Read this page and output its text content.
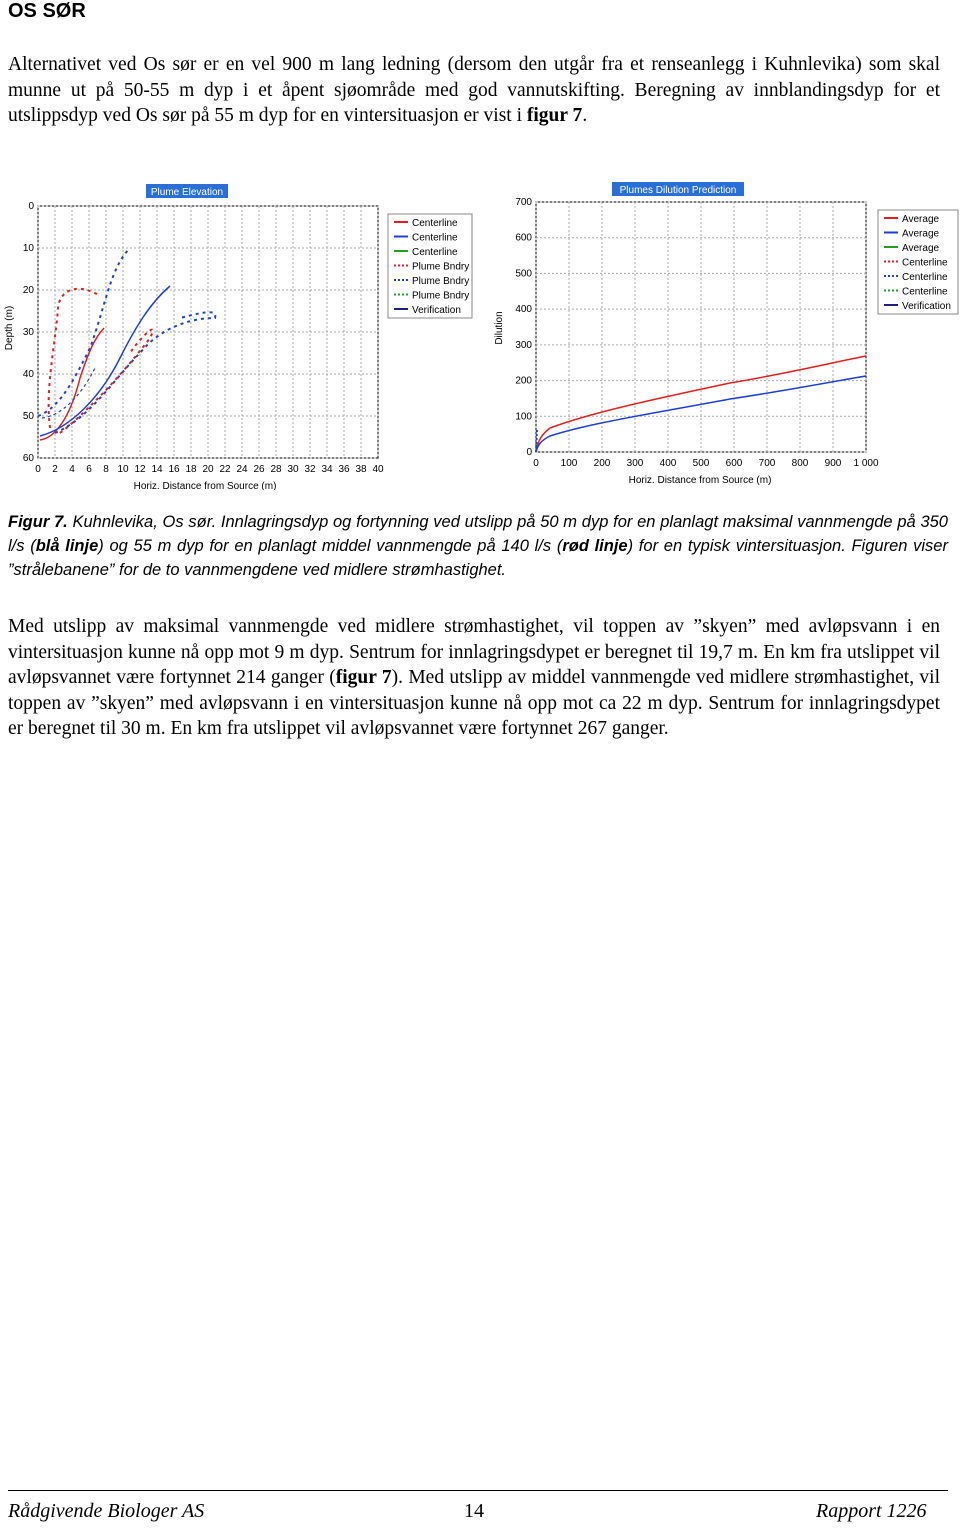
OS SØR
Alternativet ved Os sør er en vel 900 m lang ledning (dersom den utgår fra et renseanlegg i Kuhnlevika) som skal munne ut på 50-55 m dyp i et åpent sjøområde med god vannutskifting. Beregning av innblandingsdyp for et utslippsdyp ved Os sør på 55 m dyp for en vintersituasjon er vist i figur 7.
Plume Elevation
0
10
20
30
40
50
60
0 2 4 6 8 10 12 14 16 18 20 22 24 26 28 30 32 34 36 38 40
Depth (m)
Horiz. Distance from Source (m)
Centerline
Centerline
Centerline
Plume Bndry
Plume Bndry
Plume Bndry
Verification
Plumes Dilution Prediction
0
100
200
300
400
500
600
700
0 100 200 300 400 500 600 700 800 900 1 000
Dilution
Horiz. Distance from Source (m)
Average
Average
Average
Centerline
Centerline
Centerline
Verification
Figur 7. Kuhnlevika, Os sør. Innlagringsdyp og fortynning ved utslipp på 50 m dyp for en planlagt maksimal vannmengde på 350 l/s (blå linje) og 55 m dyp for en planlagt middel vannmengde på 140 l/s (rød linje) for en typisk vintersituasjon. Figuren viser ”strålebanene” for de to vannmengdene ved midlere strømhastighet.
Med utslipp av maksimal vannmengde ved midlere strømhastighet, vil toppen av ”skyen” med avløpsvann i en vintersituasjon kunne nå opp mot 9 m dyp. Sentrum for innlagringsdypet er beregnet til 19,7 m. En km fra utslippet vil avløpsvannet være fortynnet 214 ganger (figur 7). Med utslipp av middel vannmengde ved midlere strømhastighet, vil toppen av ”skyen” med avløpsvann i en vintersituasjon kunne nå opp mot ca 22 m dyp. Sentrum for innlagringsdypet er beregnet til 30 m. En km fra utslippet vil avløpsvannet være fortynnet 267 ganger.
Rådgivende Biologer AS	14	Rapport 1226
